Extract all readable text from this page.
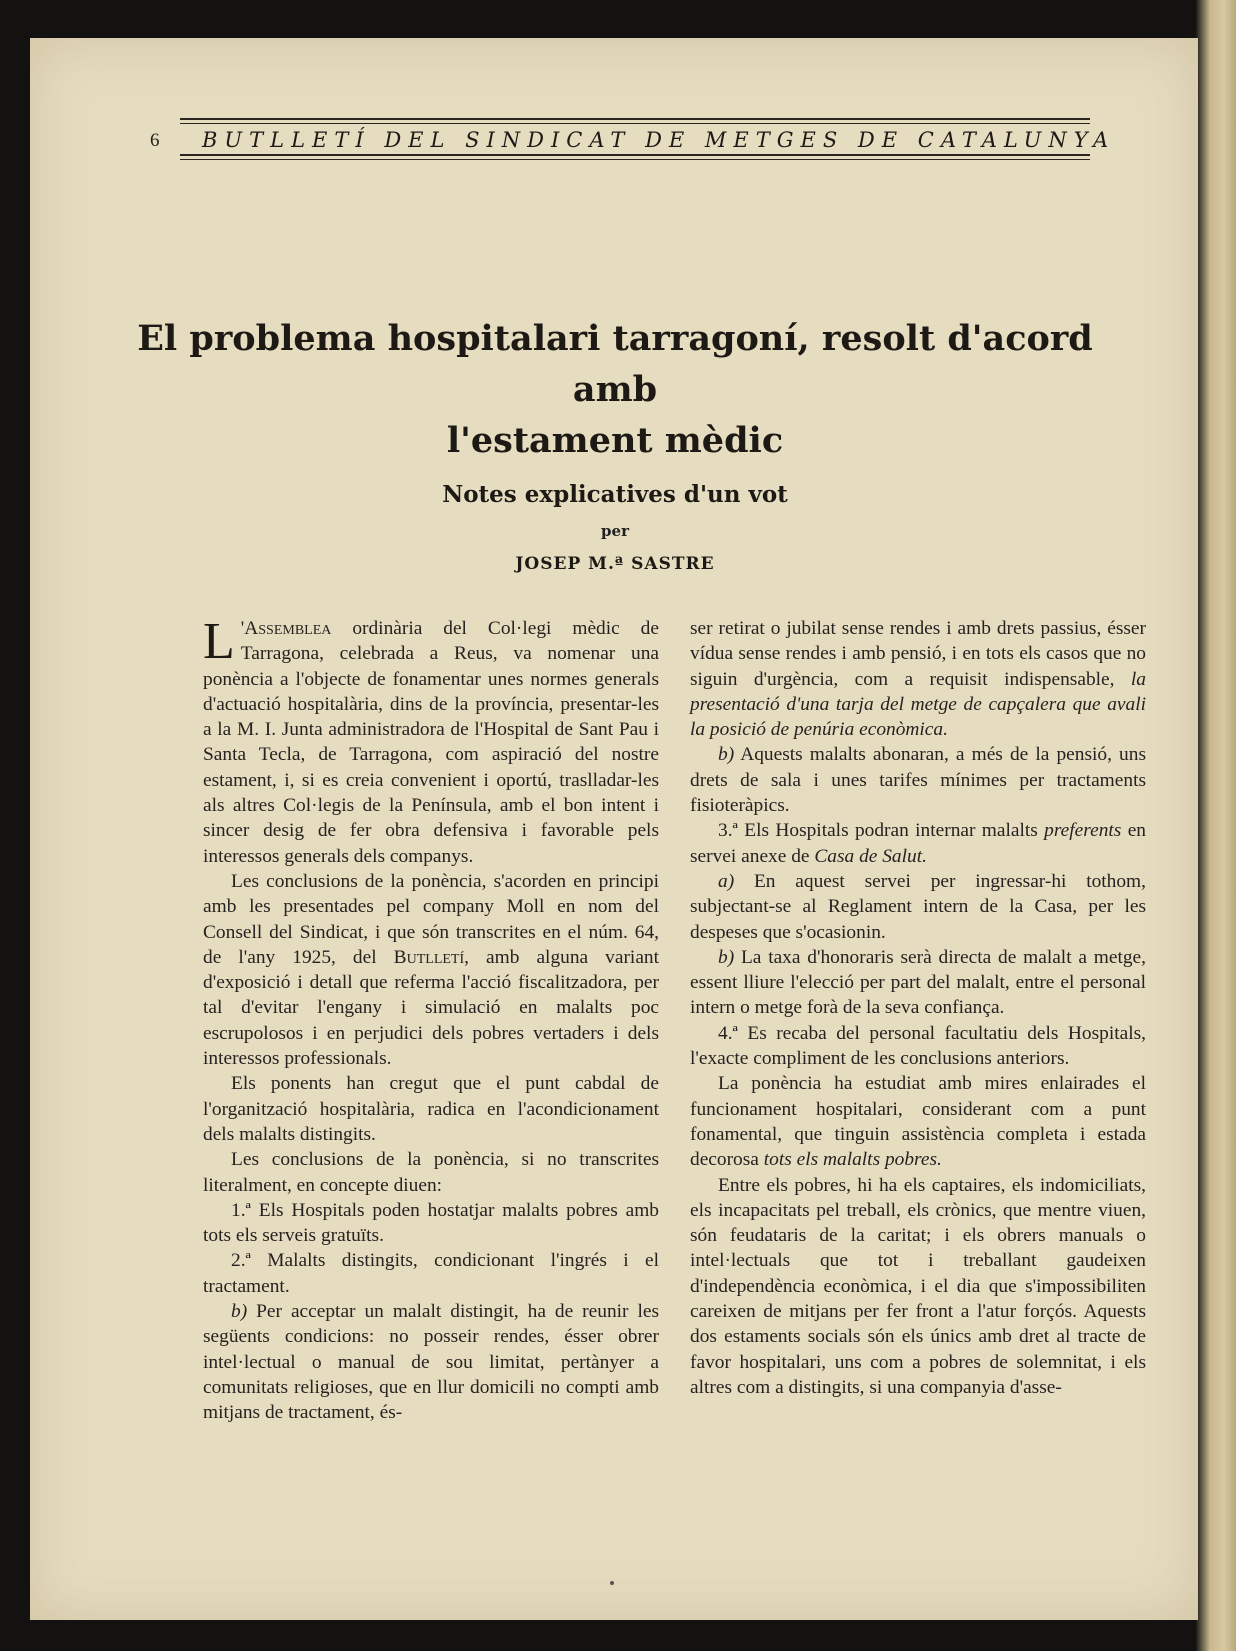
6 BUTLLETÍ DEL SINDICAT DE METGES DE CATALUNYA
El problema hospitalari tarragoní, resolt d'acord amb
l'estament mèdic
Notes explicatives d'un vot
per
JOSEP M.ª SASTRE

L 'Assemblea ordinària del Col·legi mèdic de Tarragona, celebrada a Reus, va nomenar una ponència a l'objecte de fonamentar unes normes generals d'actuació hospitalària, dins de la província, presentar-les a la M. I. Junta administradora de l'Hospital de Sant Pau i Santa Tecla, de Tarragona, com aspiració del nostre estament, i, si es creia convenient i oportú, traslladar-les als altres Col·legis de la Península, amb el bon intent i sincer desig de fer obra defensiva i favorable pels interessos generals dels companys.

Les conclusions de la ponència, s'acorden en principi amb les presentades pel company Moll en nom del Consell del Sindicat, i que són transcrites en el núm. 64, de l'any 1925, del Butlletí, amb alguna variant d'exposició i detall que referma l'acció fiscalitzadora, per tal d'evitar l'engany i simulació en malalts poc escrupolosos i en perjudici dels pobres vertaders i dels interessos professionals.

Els ponents han cregut que el punt cabdal de l'organització hospitalària, radica en l'acondicionament dels malalts distingits.

Les conclusions de la ponència, si no transcrites literalment, en concepte diuen:

1.ª Els Hospitals poden hostatjar malalts pobres amb tots els serveis gratuïts.

2.ª Malalts distingits, condicionant l'ingrés i el tractament.

b) Per acceptar un malalt distingit, ha de reunir les següents condicions: no posseir rendes, ésser obrer intel·lectual o manual de sou limitat, pertànyer a comunitats religioses, que en llur domicili no compti amb mitjans de tractament, és-

ser retirat o jubilat sense rendes i amb drets passius, ésser vídua sense rendes i amb pensió, i en tots els casos que no siguin d'urgència, com a requisit indispensable, la presentació d'una tarja del metge de capçalera que avali la posició de penúria econòmica.

b) Aquests malalts abonaran, a més de la pensió, uns drets de sala i unes tarifes mínimes per tractaments fisioteràpics.

3.ª Els Hospitals podran internar malalts preferents en servei anexe de Casa de Salut.

a) En aquest servei per ingressar-hi tothom, subjectant-se al Reglament intern de la Casa, per les despeses que s'ocasionin.

b) La taxa d'honoraris serà directa de malalt a metge, essent lliure l'elecció per part del malalt, entre el personal intern o metge forà de la seva confiança.

4.ª Es recaba del personal facultatiu dels Hospitals, l'exacte compliment de les conclusions anteriors.

La ponència ha estudiat amb mires enlairades el funcionament hospitalari, considerant com a punt fonamental, que tinguin assistència completa i estada decorosa tots els malalts pobres.

Entre els pobres, hi ha els captaires, els indomiciliats, els incapacitats pel treball, els crònics, que mentre viuen, són feudataris de la caritat; i els obrers manuals o intel·lectuals que tot i treballant gaudeixen d'independència econòmica, i el dia que s'impossibiliten careixen de mitjans per fer front a l'atur forçós. Aquests dos estaments socials són els únics amb dret al tracte de favor hospitalari, uns com a pobres de solemnitat, i els altres com a distingits, si una companyia d'asse-
